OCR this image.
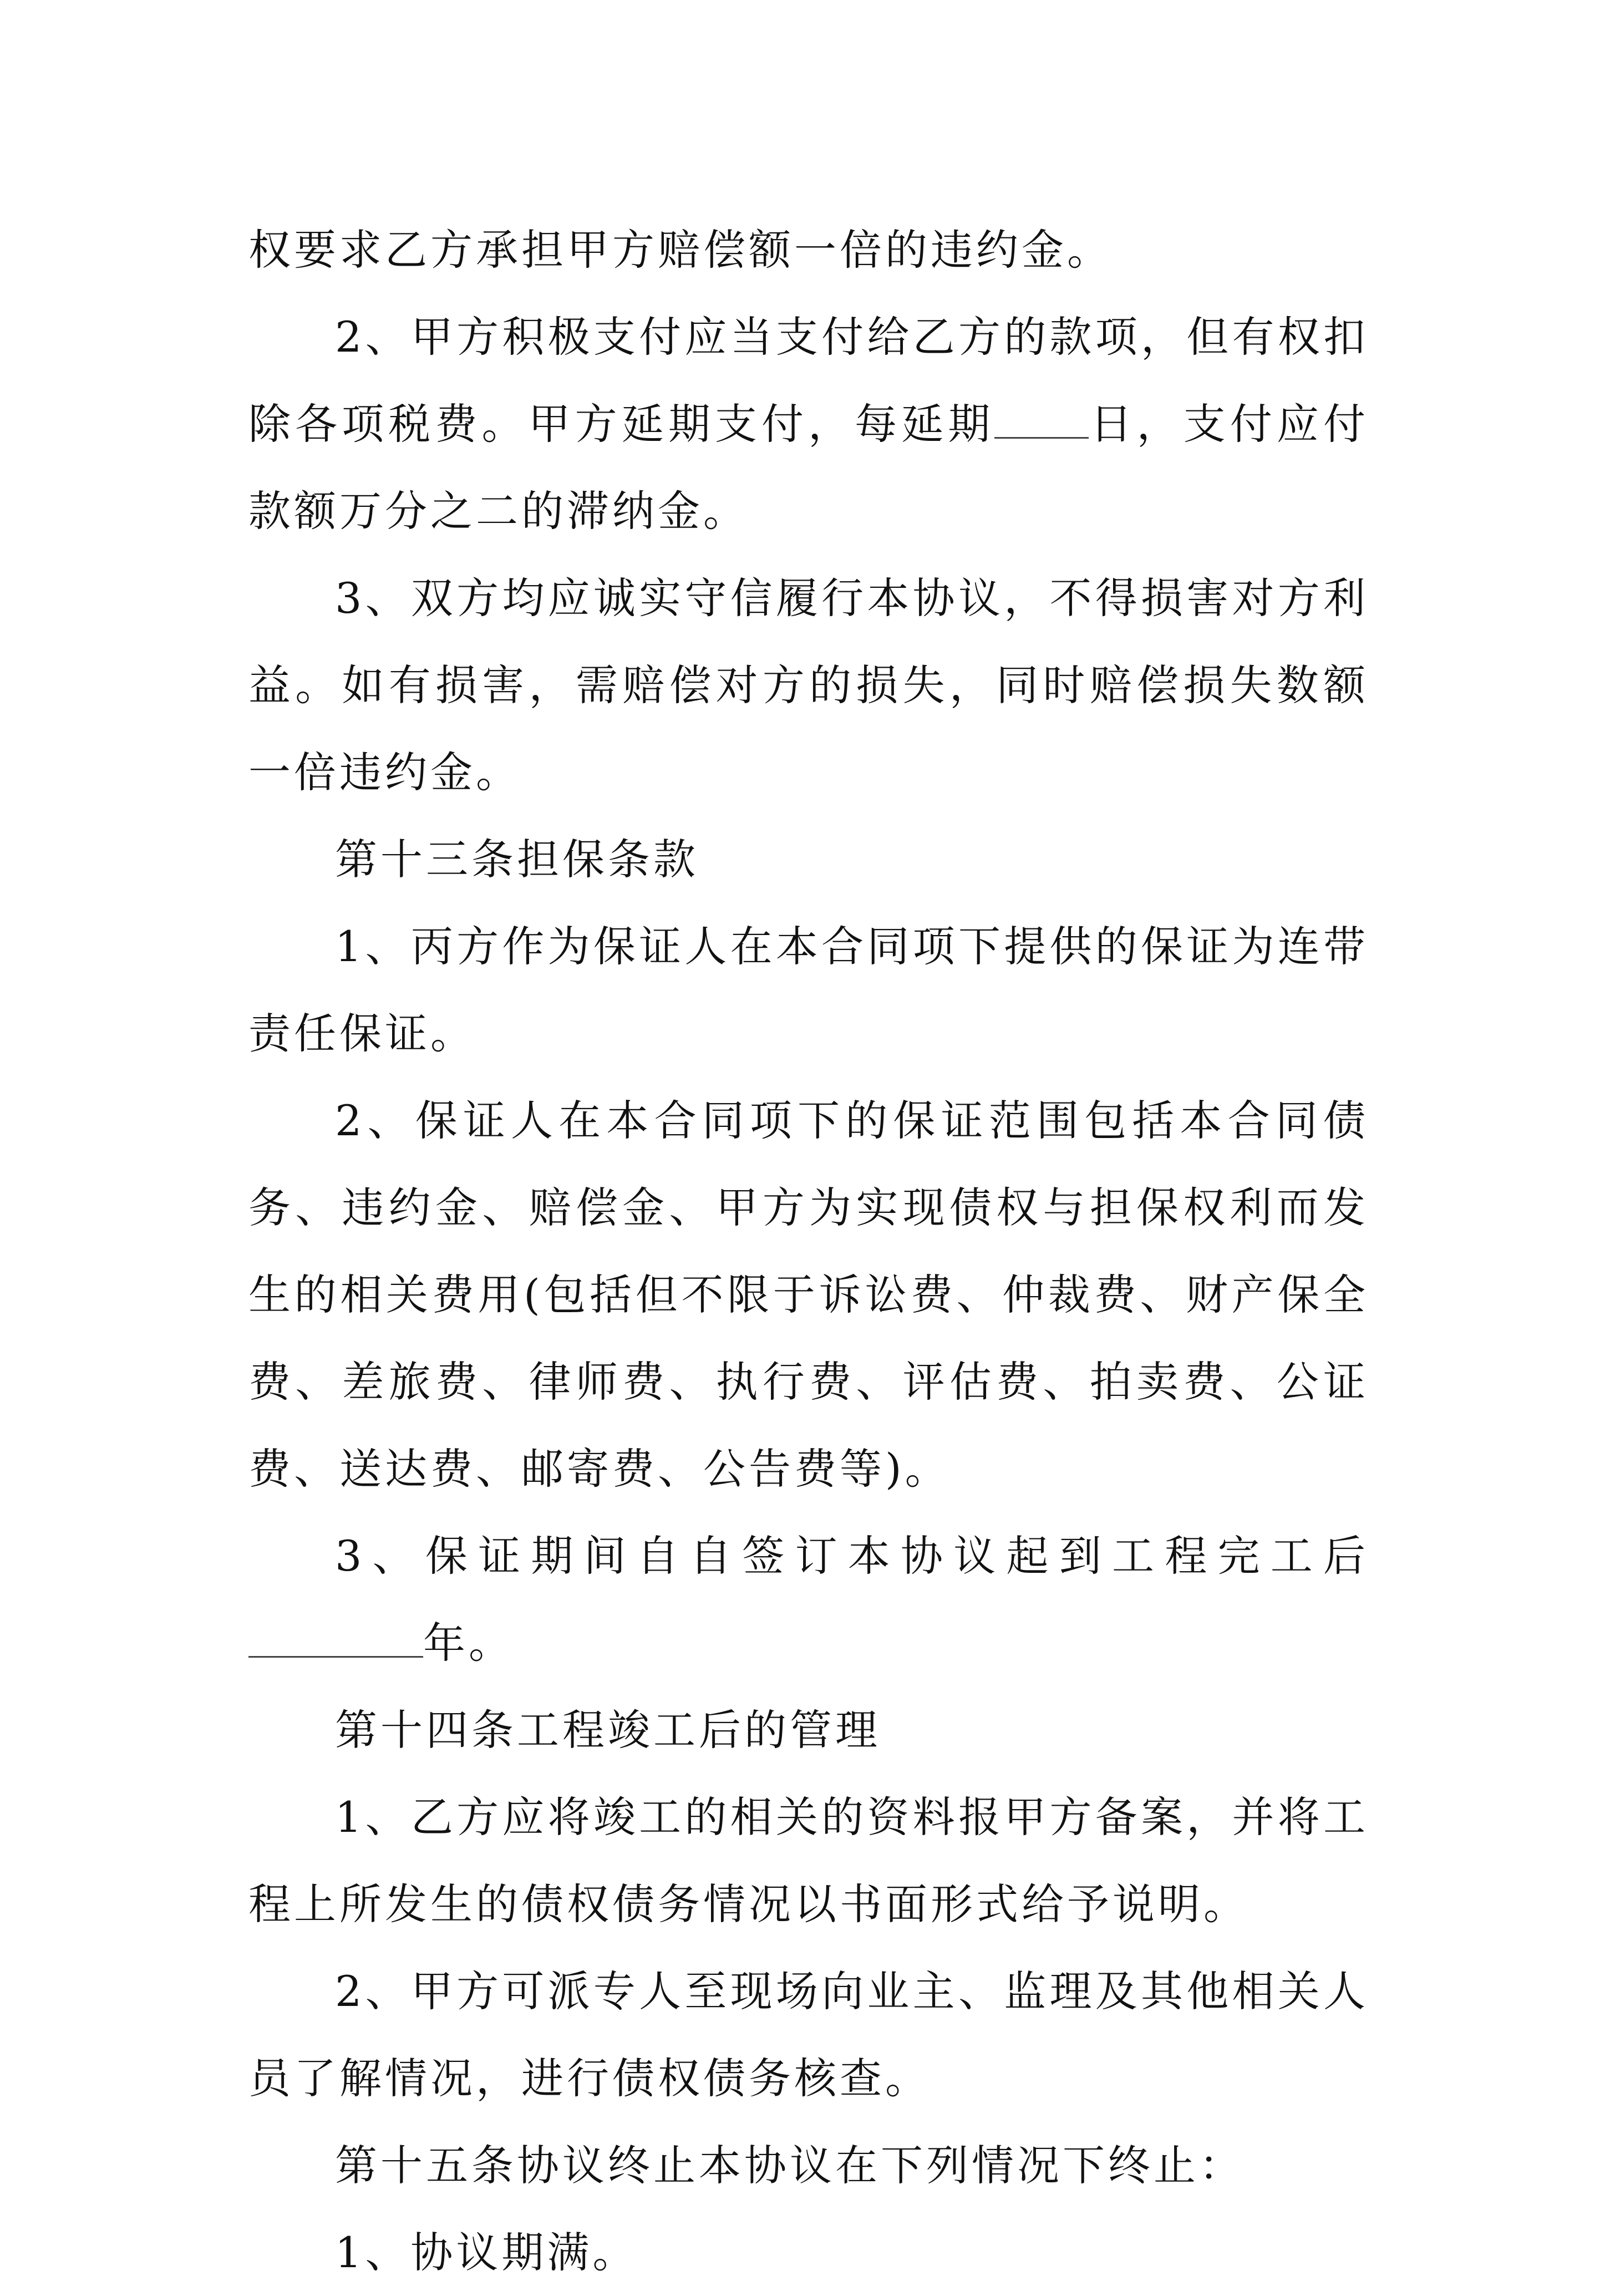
权要求乙方承担甲方赔偿额一倍的违约金。

2、甲方积极支付应当支付给乙方的款项，但有权扣除各项税费。甲方延期支付，每延期 日，支付应付款额万分之二的滞纳金。

3、双方均应诚实守信履行本协议，不得损害对方利益。如有损害，需赔偿对方的损失，同时赔偿损失数额一倍违约金。

第十三条担保条款

1、丙方作为保证人在本合同项下提供的保证为连带责任保证。

2、保证人在本合同项下的保证范围包括本合同债务、违约金、赔偿金、甲方为实现债权与担保权利而发生的相关费用(包括但不限于诉讼费、仲裁费、财产保全费、差旅费、律师费、执行费、评估费、拍卖费、公证费、送达费、邮寄费、公告费等)。

3、保证期间自自签订本协议起到工程完工后年。

第十四条工程竣工后的管理

1、乙方应将竣工的相关的资料报甲方备案，并将工程上所发生的债权债务情况以书面形式给予说明。

2、甲方可派专人至现场向业主、监理及其他相关人员了解情况，进行债权债务核查。

第十五条协议终止本协议在下列情况下终止：

1、协议期满。
